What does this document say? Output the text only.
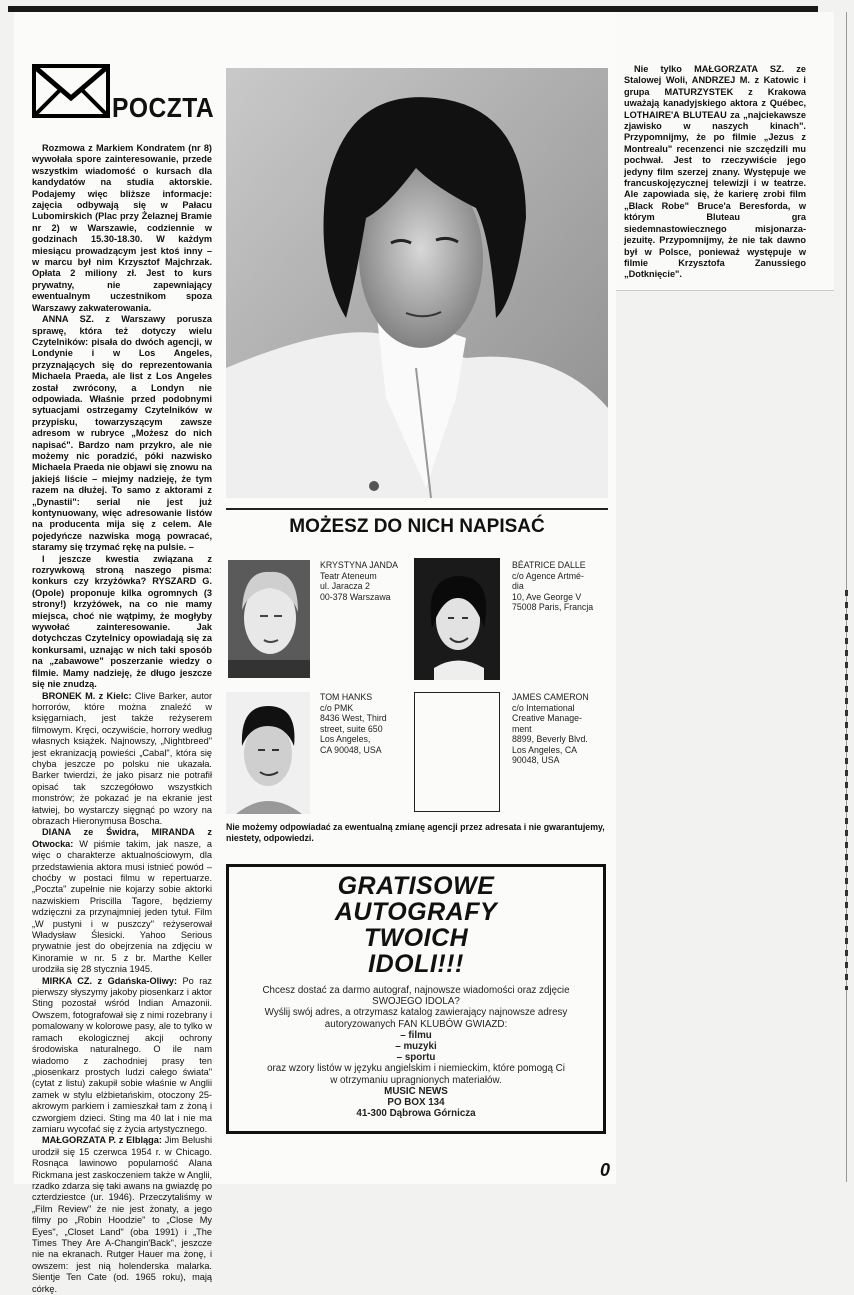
POCZTA

Rozmowa z Markiem Kondratem (nr 8) wywołała spore zainteresowanie, przede wszystkim wiadomość o kursach dla kandydatów na studia aktorskie. Podajemy więc bliższe informacje: zajęcia odbywają się w Pałacu Lubomirskich (Plac przy Żelaznej Bramie nr 2) w Warszawie, codziennie w godzinach 15.30-18.30. W każdym miesiącu prowadzącym jest ktoś inny – w marcu był nim Krzysztof Majchrzak. Opłata 2 miliony zł. Jest to kurs prywatny, nie zapewniający ewentualnym uczestnikom spoza Warszawy zakwaterowania.

ANNA SZ. z Warszawy porusza sprawę, która też dotyczy wielu Czytelników: pisała do dwóch agencji, w Londynie i w Los Angeles, przyznających się do reprezentowania Michaela Praeda, ale list z Los Angeles został zwrócony, a Londyn nie odpowiada. Właśnie przed podobnymi sytuacjami ostrzegamy Czytelników w przypisku, towarzyszącym zawsze adresom w rubryce „Możesz do nich napisać". Bardzo nam przykro, ale nie możemy nic poradzić, póki nazwisko Michaela Praeda nie objawi się znowu na jakiejś liście – miejmy nadzieję, że tym razem na dłużej. To samo z aktorami z „Dynastii": serial nie jest już kontynuowany, więc adresowanie listów na producenta mija się z celem. Ale pojedyńcze nazwiska mogą powracać, staramy się trzymać rękę na pulsie. –

I jeszcze kwestia związana z rozrywkową stroną naszego pisma: konkurs czy krzyżówka? RYSZARD G. (Opole) proponuje kilka ogromnych (3 strony!) krzyżówek, na co nie mamy miejsca, choć nie wątpimy, że mogłyby wywołać zainteresowanie. Jak dotychczas Czytelnicy opowiadają się za konkursami, uznając w nich taki sposób na „zabawowe" poszerzanie wiedzy o filmie. Mamy nadzieję, że długo jeszcze się nie znudzą.

BRONEK M. z Kielc: Clive Barker, autor horrorów, które można znaleźć w księgarniach, jest także reżyserem filmowym. Kręci, oczywiście, horrory według własnych książek. Najnowszy, „Nightbreed" jest ekranizacją powieści „Cabal", która się chyba jeszcze po polsku nie ukazała. Barker twierdzi, że jako pisarz nie potrafił opisać tak szczegółowo wszystkich monstrów; że pokazać je na ekranie jest łatwiej, bo wystarczy sięgnąć po wzory na obrazach Hieronymusa Boscha.

DIANA ze Świdra, MIRANDA z Otwocka: W piśmie takim, jak nasze, a więc o charakterze aktualnościowym, dla przedstawienia aktora musi istnieć powód – choćby w postaci filmu w repertuarze. „Poczta" zupełnie nie kojarzy sobie aktorki nazwiskiem Priscilla Tagore, będziemy wdzięczni za przynajmniej jeden tytuł. Film „W pustyni i w puszczy" reżyserował Władysław Ślesicki. Yahoo Serious prywatnie jest do obejrzenia na zdjęciu w Kinoramie w nr. 5 z br. Marthe Keller urodziła się 28 stycznia 1945.

MIRKA CZ. z Gdańska-Oliwy: Po raz pierwszy słyszymy jakoby piosenkarz i aktor Sting pozostał wśród Indian Amazonii. Owszem, fotografował się z nimi rozebrany i pomalowany w kolorowe pasy, ale to tylko w ramach ekologicznej akcji ochrony środowiska naturalnego. O ile nam wiadomo z zachodniej prasy ten „piosenkarz prostych ludzi całego świata" (cytat z listu) zakupił sobie właśnie w Anglii zamek w stylu elżbietańskim, otoczony 25-akrowym parkiem i zamieszkał tam z żoną i czworgiem dzieci. Sting ma 40 lat i nie ma zamiaru wycofać się z życia artystycznego.

MAŁGORZATA P. z Elbląga: Jim Belushi urodził się 15 czerwca 1954 r. w Chicago. Rosnąca lawinowo popularność Alana Rickmana jest zaskoczeniem także w Anglii, rzadko zdarza się taki awans na gwiazdę po czterdziestce (ur. 1946). Przeczytaliśmy w „Film Review" że nie jest żonaty, a jego filmy po „Robin Hoodzie" to „Close My Eyes", „Closet Land" (oba 1991) i „The Times They Are A-Changin'Back", jeszcze nie na ekranach. Rutger Hauer ma żonę, i owszem: jest nią holenderska malarka. Sientje Ten Cate (od. 1965 roku), mają córkę.

Nie tylko MAŁGORZATA SZ. ze Stalowej Woli, ANDRZEJ M. z Katowic i grupa MATURZYSTEK z Krakowa uważają kanadyjskiego aktora z Québec, LOTHAIRE'A BLUTEAU za „najciekawsze zjawisko w naszych kinach". Przypomnijmy, że po filmie „Jezus z Montrealu" recenzenci nie szczędzili mu pochwał. Jest to rzeczywiście jego jedyny film szerzej znany. Występuje we francuskojęzycznej telewizji i w teatrze. Ale zapowiada się, że karierę zrobi film „Black Robe" Bruce'a Beresforda, w którym Bluteau gra siedemnastowiecznego misjonarza-jezuitę. Przypomnijmy, że nie tak dawno był w Polsce, ponieważ występuje w filmie Krzysztofa Zanussiego „Dotknięcie".

MOŻESZ DO NICH NAPISAĆ
KRYSTYNA JANDA
Teatr Ateneum
ul. Jaracza 2
00-378 Warszawa
BÉATRICE DALLE
c/o Agence Artmé-
dia
10, Ave George V
75008 Paris, Francja
TOM HANKS
c/o PMK
8436 West, Third
street, suite 650
Los Angeles,
CA 90048, USA
JAMES CAMERON
c/o International
Creative Manage-
ment
8899, Beverly Blvd.
Los Angeles, CA
90048, USA
Nie możemy odpowiadać za ewentualną zmianę agencji przez adresata i nie gwarantujemy, niestety, odpowiedzi.
GRATISOWE
AUTOGRAFY
TWOICH
IDOLI!!!
Chcesz dostać za darmo autograf, najnowsze wiadomości oraz zdjęcie
SWOJEGO IDOLA?
Wyślij swój adres, a otrzymasz katalog zawierający najnowsze adresy
autoryzowanych FAN KLUBÓW GWIAZD:
– filmu
– muzyki
– sportu
oraz wzory listów w języku angielskim i niemieckim, które pomogą Ci
w otrzymaniu upragnionych materiałów.
MUSIC NEWS
PO BOX 134
41-300 Dąbrowa Górnicza
0
